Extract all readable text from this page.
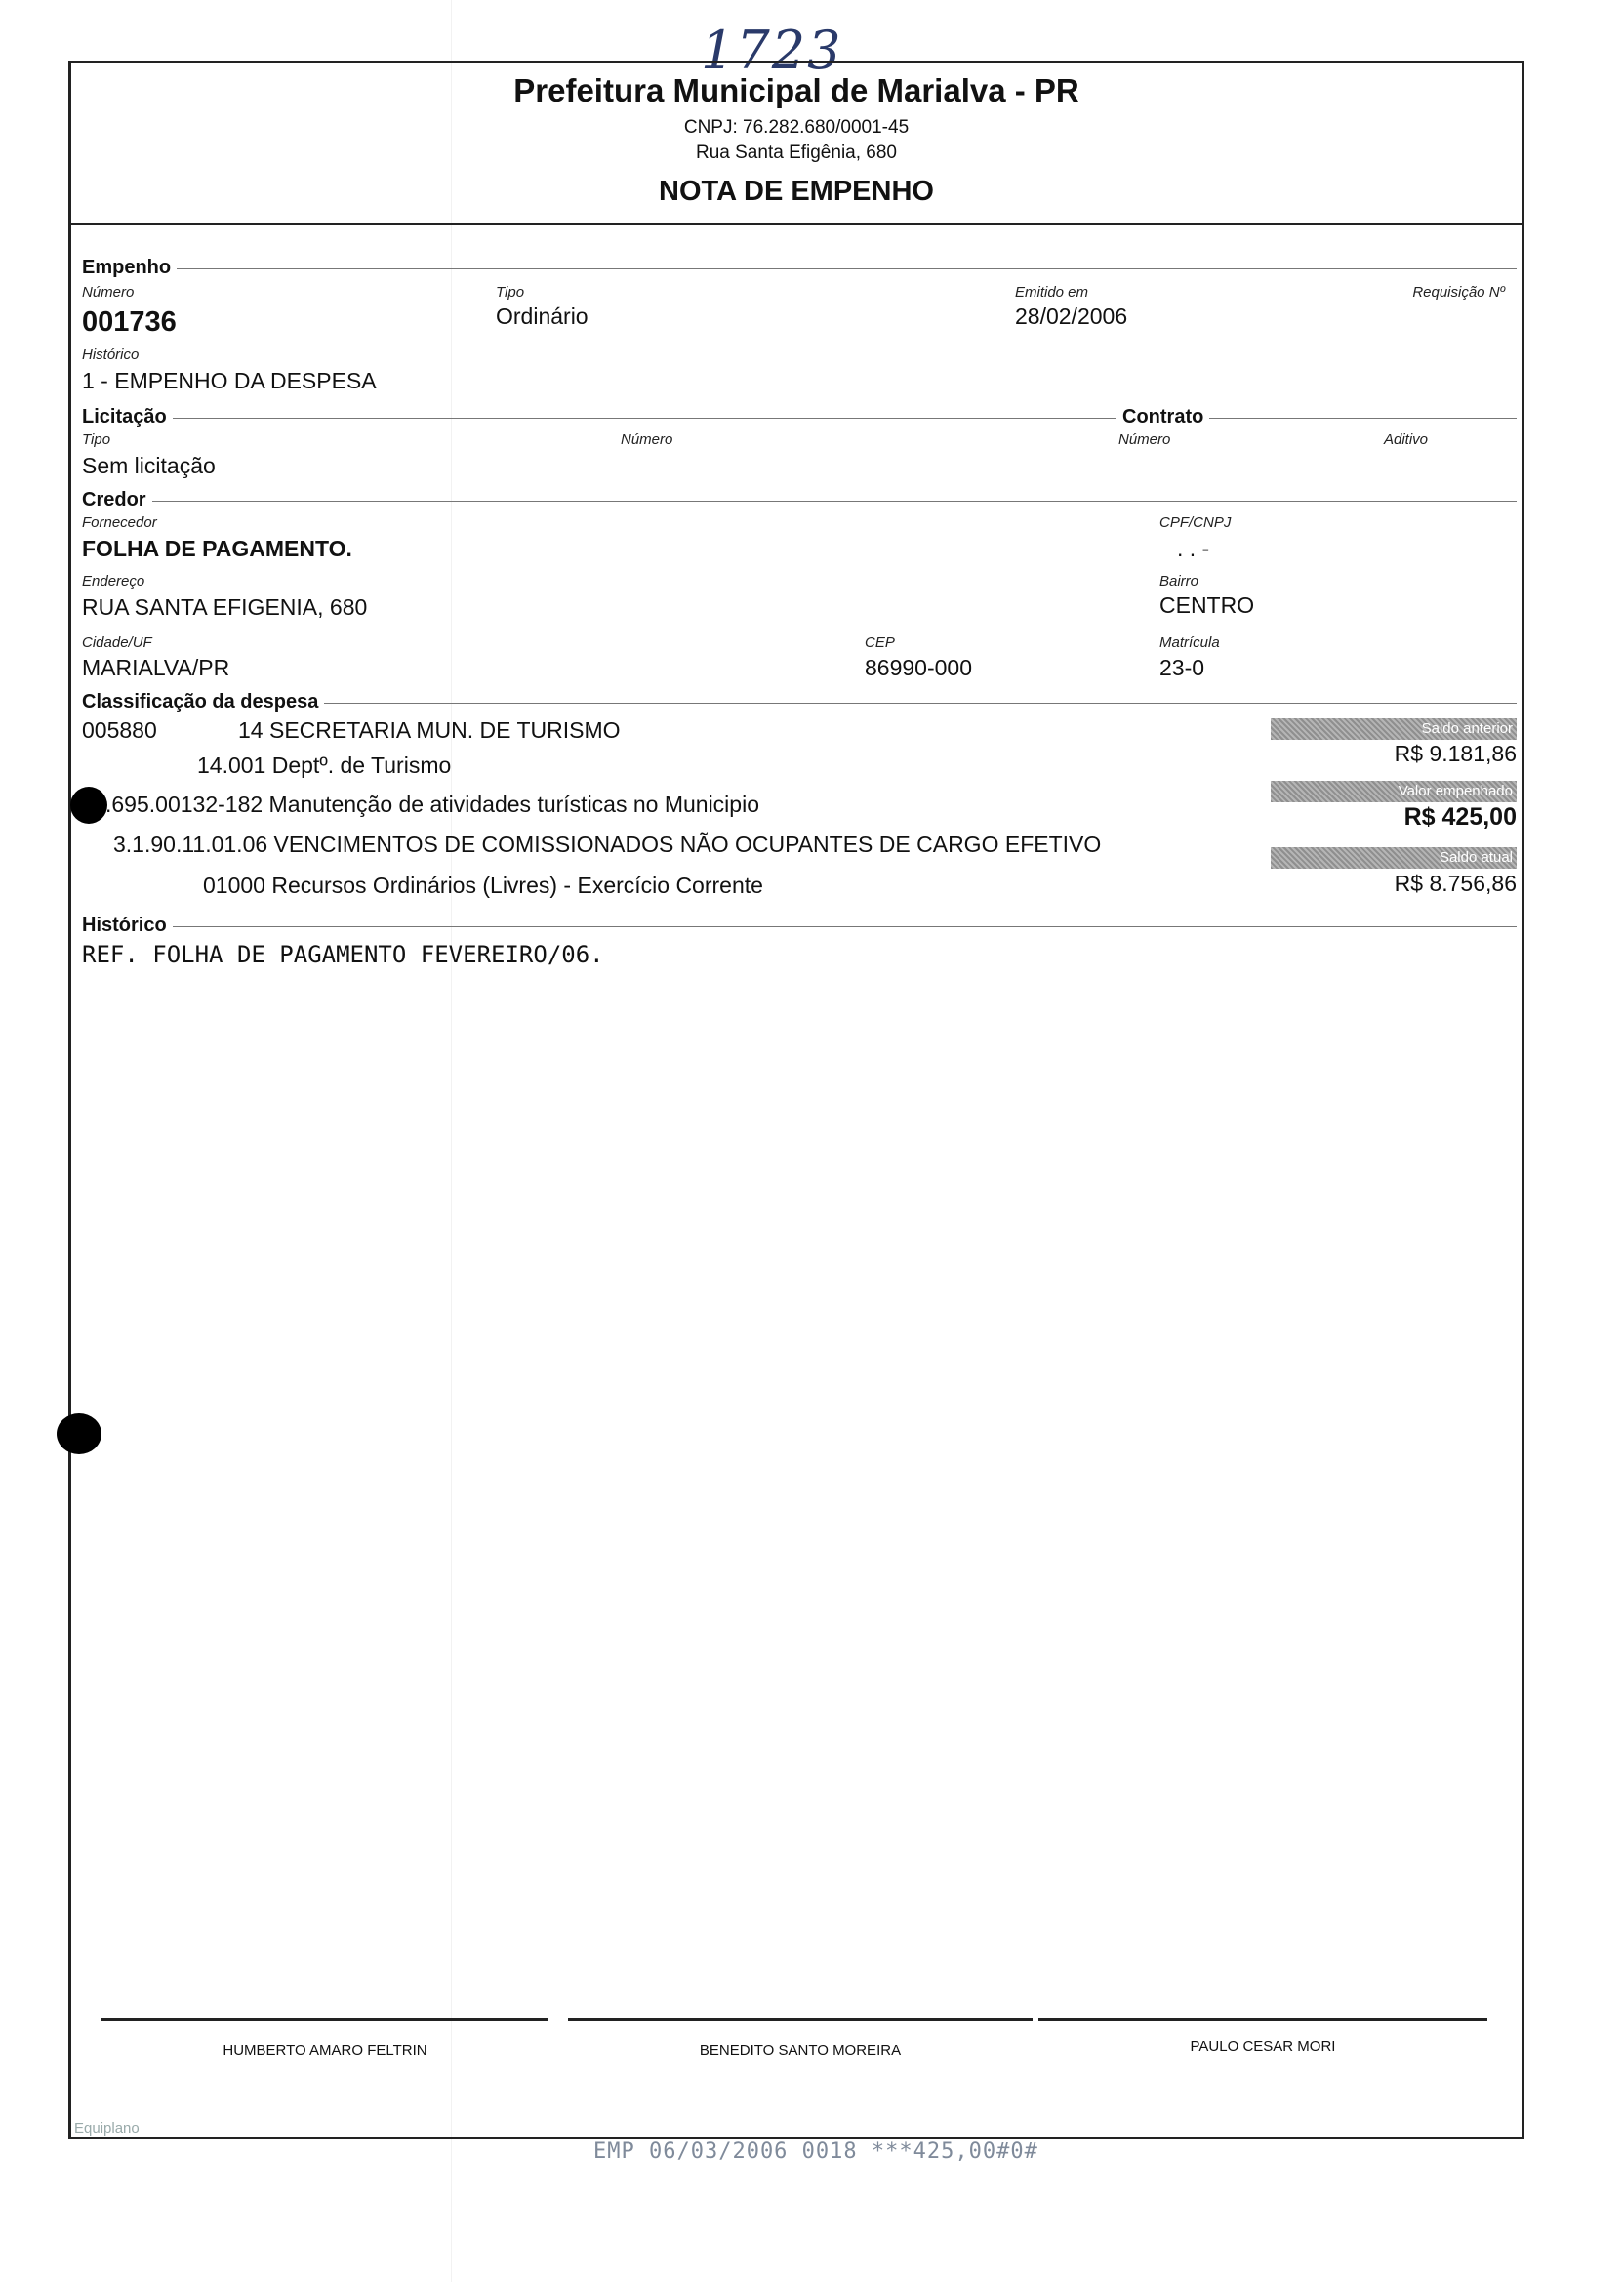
1723
Prefeitura Municipal de Marialva - PR
CNPJ: 76.282.680/0001-45
Rua Santa Efigênia, 680
NOTA DE EMPENHO
Empenho
Número
001736
Tipo
Ordinário
Emitido em
28/02/2006
Requisição Nº
Histórico
1 - EMPENHO DA DESPESA
Licitação	Contrato
Tipo
Sem licitação
Número	Número	Aditivo
Credor
Fornecedor
FOLHA DE PAGAMENTO.
CPF/CNPJ
. . -
Endereço
RUA SANTA EFIGENIA, 680
Bairro
CENTRO
Cidade/UF
MARIALVA/PR
CEP
86990-000
Matrícula
23-0
Classificação da despesa
005880	14 SECRETARIA MUN. DE TURISMO
14.001 Deptº. de Turismo
.695.00132-182 Manutenção de atividades turísticas no Municipio
3.1.90.11.01.06 VENCIMENTOS DE COMISSIONADOS NÃO OCUPANTES DE CARGO EFETIVO
01000 Recursos Ordinários (Livres) - Exercício Corrente
Saldo anterior
R$ 9.181,86
Valor empenhado
R$ 425,00
Saldo atual
R$ 8.756,86
Histórico
REF. FOLHA DE PAGAMENTO FEVEREIRO/06.
HUMBERTO AMARO FELTRIN	BENEDITO SANTO MOREIRA	PAULO CESAR MORI
Equiplano
EMP 06/03/2006 0018 ***425,00#0#
